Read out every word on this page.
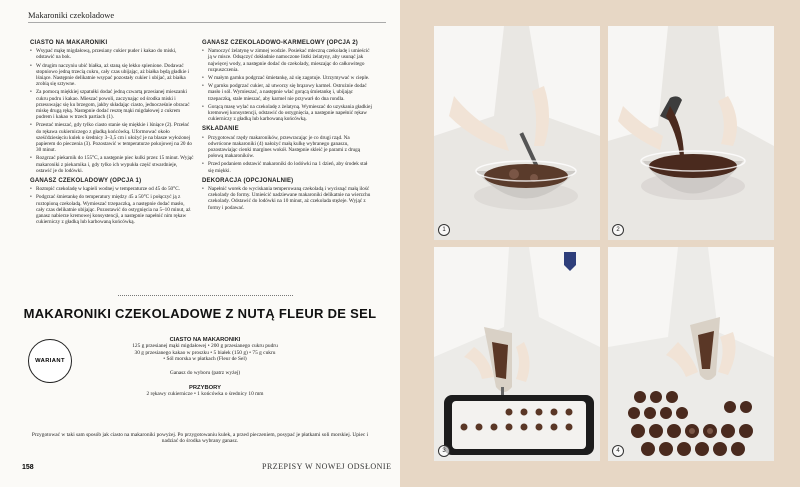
Makaroniki czekoladowe
CIASTO NA MAKARONIKI
• Wsypać mąkę migdałową, przesiany cukier puder i kakao do miski, odstawić na bok.
• W drugim naczyniu ubić białka, aż staną się lekko spienione. Dodawać stopniowo jedną trzecią cukru, cały czas ubijając, aż białka będą gładkie i lśniące. Następnie delikatnie wsypać pozostały cukier i ubijać, aż białka zrobią się sztywne.
• Za pomocą miękkiej szpatułki dodać jedną czwartą przesianej mieszanki cukru pudru i kakao. Mieszać powoli, zaczynając od środka miski i przesuwając się ku brzegom, jakby składając ciasto, jednocześnie obracać miskę drugą ręką. Następnie dodać resztę mąki migdałowej z cukrem pudrem i kakao w trzech partiach (1).
• Przestać mieszać, gdy tylko ciasto stanie się miękkie i lśniące (2). Przełać do rękawa cukierniczego z gładką końcówką. Uformować około sześćdziesięciu kulek o średnicy 3–3,5 cm i ułożyć je na blasze wyłożonej papierem do pieczenia (3). Pozostawić w temperaturze pokojowej na 20 do 30 minut.
• Rozgrzać piekarnik do 155°C, a następnie piec kulki przez 15 minut. Wyjąć makaroniki z piekarnika i, gdy tylko ich wypukła część stwardnieje, ostawić je do lodówki.
GANASZ CZEKOLADOWY (OPCJA 1)
• Roztopić czekoladę w kąpieli wodnej w temperaturze od 45 do 50°C.
• Podgrzać śmietankę do temperatury między 45 a 50°C i połączyć ją z roztopioną czekoladą. Wymieszać trzepaczką, a następnie dodać masło, cały czas delikatnie ubijając. Pozostawić do ostygnięcia na 5–10 minut, aż ganasz nabierze kremowej konsystencji, a następnie napełnić nim rękaw cukierniczy z gładką lub karbowaną końcówką.
GANASZ CZEKOLADOWO-KARMELOWY (OPCJA 2)
• Namoczyć żelatynę w zimnej wodzie. Posiekać mleczną czekoladę i umieścić ją w misce. Odsączyć dokładnie namoczone listki żelatyny, aby usunąć jak najwięcej wody, a następnie dodać do czekolady, mieszając do całkowitego rozpuszczenia.
• W małym garnku podgrzać śmietankę, aż się zagotuje. Utrzymywać w cieple.
• W garnku podgrzać cukier, aż utworzy się brązowy karmel. Ostrożnie dodać masło i sól. Wymieszać, a następnie wlać gorącą śmietankę i, ubijając trzepaczką, stale mieszać, aby karmel nie przywarł do dna rondla.
• Gorącą masę wylać na czekoladę z żelatyną. Wymieszać do uzyskania gładkiej kremowej konsystencji, odstawić do ostygnięcia, a następnie napełnić rękaw cukierniczy z gładką lub karbowaną końcówką.
SKŁADANIE
• Przygotować rzędy makaroników, przewracając je co drugi rząd. Na odwrócone makaroniki (4) nałożyć małą kulkę wybranego ganaszu, pozostawiając cienki margines wokół. Następnie skleić je parami z drugą połową makaroników.
• Przed podaniem odstawić makaroniki do lodówki na 1 dzień, aby środek stał się miękki.
DEKORACJA (OPCJONALNIE)
• Napełnić worek do wyciskania temperowaną czekoladą i wycisnąć małą ilość czekolady do formy. Umieścić nadziewane makaroniki delikatnie na wierzchu czekolady. Odstawić do lodówki na 10 minut, aż czekolada stężeje. Wyjąć z formy i podawać.
MAKARONIKI CZEKOLADOWE Z NUTĄ FLEUR DE SEL
WARIANT
CIASTO NA MAKARONIKI
125 g przesianej mąki migdałowej • 200 g przesianego cukru pudru
30 g przesianego kakao w proszku • 5 białek (150 g) • 75 g cukru
• Sól morska w płatkach (Fleur de Sel)
Ganasz do wyboru (patrz wyżej)
PRZYBORY
2 rękawy cukiernicze • 1 końcówka o średnicy 10 mm
Przygotować w taki sam sposób jak ciasto na makaroniki powyżej. Po przygotowaniu kulek, a przed pieczeniem, posypać je płatkami soli morskiej. Upiec i nadziać do środka wybrany ganasz.
158	PRZEPISY W NOWEJ ODSŁONIE
1	2
3	4
